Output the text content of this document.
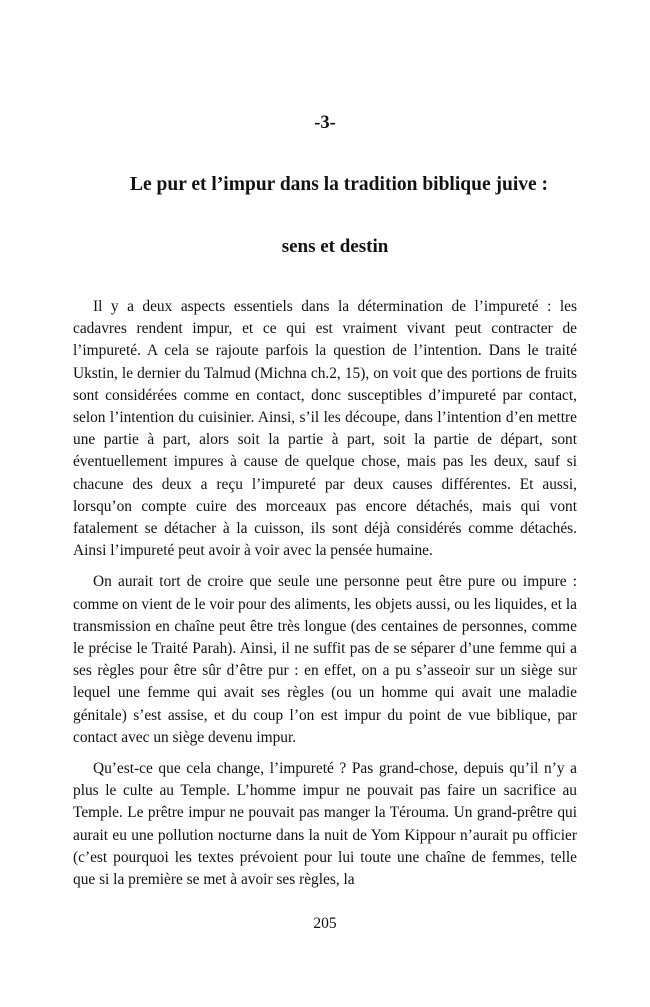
-3-
Le pur et l’impur dans la tradition biblique juive :
sens et destin

Il y a deux aspects essentiels dans la détermination de l’impureté : les cadavres rendent impur, et ce qui est vraiment vivant peut contracter de l’impureté. A cela se rajoute parfois la question de l’intention. Dans le traité Ukstin, le dernier du Talmud (Michna ch.2, 15), on voit que des portions de fruits sont considérées comme en contact, donc susceptibles d’impureté par contact, selon l’intention du cuisinier. Ainsi, s’il les découpe, dans l’intention d’en mettre une partie à part, alors soit la partie à part, soit la partie de départ, sont éventuellement impures à cause de quelque chose, mais pas les deux, sauf si chacune des deux a reçu l’impureté par deux causes différentes. Et aussi, lorsqu’on compte cuire des morceaux pas encore détachés, mais qui vont fatalement se détacher à la cuisson, ils sont déjà considérés comme détachés. Ainsi l’impureté peut avoir à voir avec la pensée humaine.

On aurait tort de croire que seule une personne peut être pure ou impure : comme on vient de le voir pour des aliments, les objets aussi, ou les liquides, et la transmission en chaîne peut être très longue (des centaines de personnes, comme le précise le Traité Parah). Ainsi, il ne suffit pas de se séparer d’une femme qui a ses règles pour être sûr d’être pur : en effet, on a pu s’asseoir sur un siège sur lequel une femme qui avait ses règles (ou un homme qui avait une maladie génitale) s’est assise, et du coup l’on est impur du point de vue biblique, par contact avec un siège devenu impur.

Qu’est-ce que cela change, l’impureté ? Pas grand-chose, depuis qu’il n’y a plus le culte au Temple. L’homme impur ne pouvait pas faire un sacrifice au Temple. Le prêtre impur ne pouvait pas manger la Térouma. Un grand-prêtre qui aurait eu une pollution nocturne dans la nuit de Yom Kippour n’aurait pu officier (c’est pourquoi les textes prévoient pour lui toute une chaîne de femmes, telle que si la première se met à avoir ses règles, la

205
